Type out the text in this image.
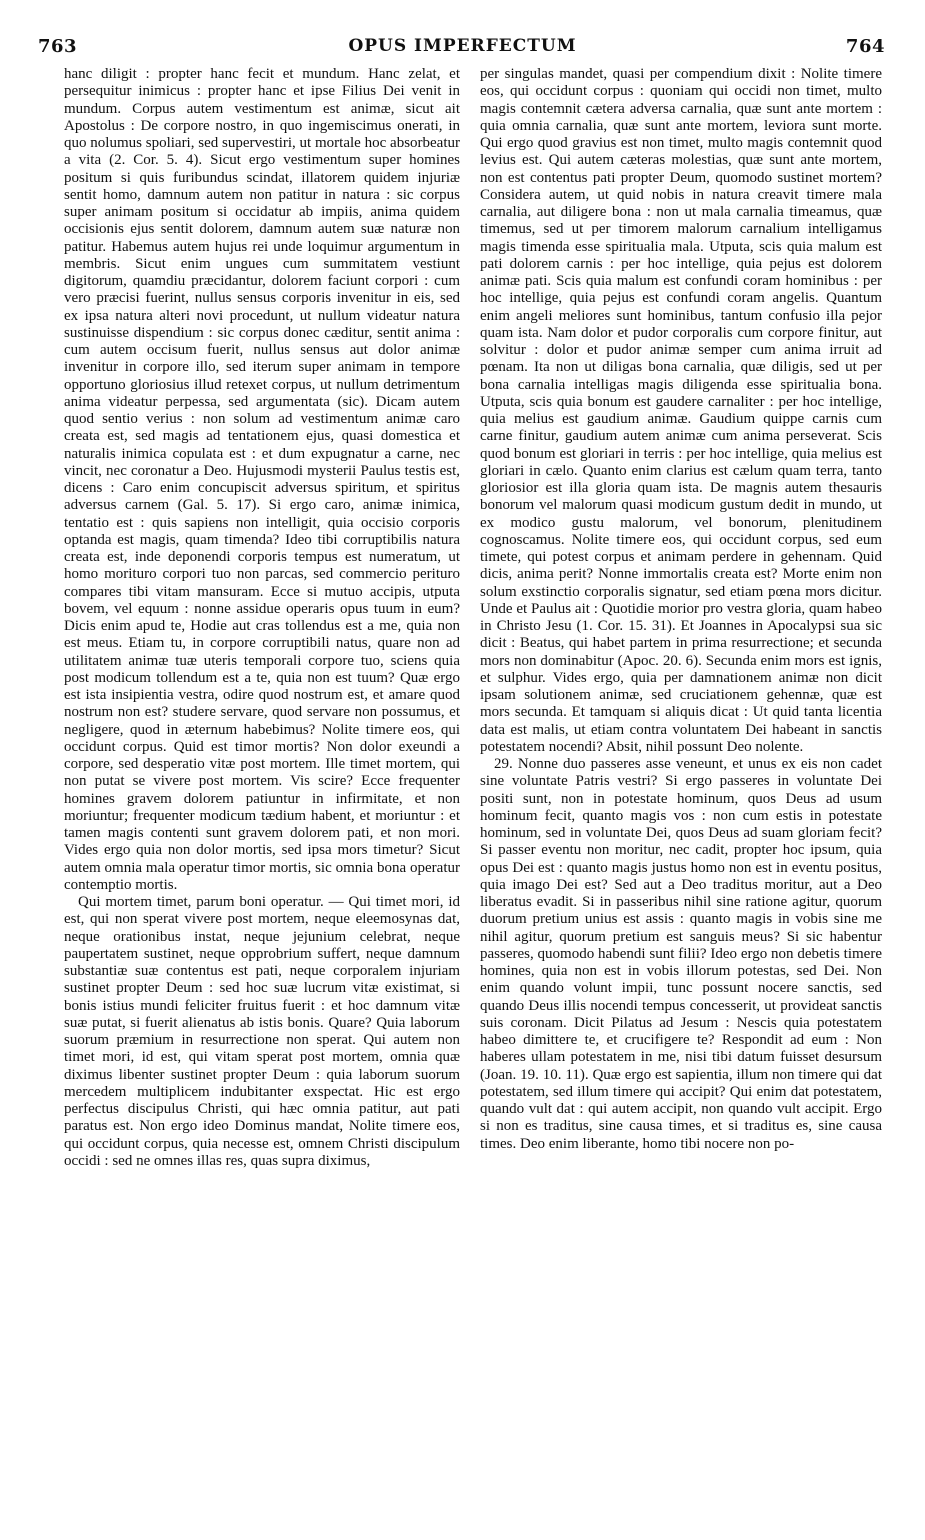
763	OPUS IMPERFECTUM	764

hanc diligit : propter hanc fecit et mundum. Hanc zelat, et persequitur inimicus : propter hanc et ipse Filius Dei venit in mundum. Corpus autem vestimentum est animæ, sicut ait Apostolus : De corpore nostro, in quo ingemiscimus onerati, in quo nolumus spoliari, sed supervestiri, ut mortale hoc absorbeatur a vita (2. Cor. 5. 4). Sicut ergo vestimentum super homines positum si quis furibundus scindat, illatorem quidem injuriæ sentit homo, damnum autem non patitur in natura : sic corpus super animam positum si occidatur ab impiis, anima quidem occisionis ejus sentit dolorem, damnum autem suæ naturæ non patitur. Habemus autem hujus rei unde loquimur argumentum in membris. Sicut enim ungues cum summitatem vestiunt digitorum, quamdiu præcidantur, dolorem faciunt corpori : cum vero præcisi fuerint, nullus sensus corporis invenitur in eis, sed ex ipsa natura alteri novi procedunt, ut nullum videatur natura sustinuisse dispendium : sic corpus donec cæditur, sentit anima : cum autem occisum fuerit, nullus sensus aut dolor animæ invenitur in corpore illo, sed iterum super animam in tempore opportuno gloriosius illud retexet corpus, ut nullum detrimentum anima videatur perpessa, sed argumentata (sic). Dicam autem quod sentio verius : non solum ad vestimentum animæ caro creata est, sed magis ad tentationem ejus, quasi domestica et naturalis inimica copulata est : et dum expugnatur a carne, nec vincit, nec coronatur a Deo. Hujusmodi mysterii Paulus testis est, dicens : Caro enim concupiscit adversus spiritum, et spiritus adversus carnem (Gal. 5. 17). Si ergo caro, animæ inimica, tentatio est : quis sapiens non intelligit, quia occisio corporis optanda est magis, quam timenda? Ideo tibi corruptibilis natura creata est, inde deponendi corporis tempus est numeratum, ut homo moriturо corpori tuo non parcas, sed commercio perituro compares tibi vitam mansuram. Ecce si mutuo accipis, utputa bovem, vel equum : nonne assidue operaris opus tuum in eum? Dicis enim apud te, Hodie aut cras tollendus est a me, quia non est meus. Etiam tu, in corpore corruptibili natus, quare non ad utilitatem animæ tuæ uteris temporali corpore tuo, sciens quia post modicum tollendum est a te, quia non est tuum? Quæ ergo est ista insipientia vestra, odire quod nostrum est, et amare quod nostrum non est? studere servare, quod servare non possumus, et negligere, quod in æternum habebimus? Nolite timere eos, qui occidunt corpus. Quid est timor mortis? Non dolor exeundi a corpore, sed desperatio vitæ post mortem. Ille timet mortem, qui non putat se vivere post mortem. Vis scire? Ecce frequenter homines gravem dolorem patiuntur in infirmitate, et non moriuntur; frequenter modicum tædium habent, et moriuntur : et tamen magis contenti sunt gravem dolorem pati, et non mori. Vides ergo quia non dolor mortis, sed ipsa mors timetur? Sicut autem omnia mala operatur timor mortis, sic omnia bona operatur contemptio mortis.

Qui mortem timet, parum boni operatur. — Qui timet mori, id est, qui non sperat vivere post mortem, neque eleemosynas dat, neque orationibus instat, neque jejunium celebrat, neque paupertatem sustinet, neque opprobrium suffert, neque damnum substantiæ suæ contentus est pati, neque corporalem injuriam sustinet propter Deum : sed hoc suæ lucrum vitæ existimat, si bonis istius mundi feliciter fruitus fuerit : et hoc damnum vitæ suæ putat, si fuerit alienatus ab istis bonis. Quare? Quia laborum suorum præmium in resurrectione non sperat. Qui autem non timet mori, id est, qui vitam sperat post mortem, omnia quæ diximus libenter sustinet propter Deum : quia laborum suorum mercedem multiplicem indubitanter exspectat. Hic est ergo perfectus discipulus Christi, qui hæc omnia patitur, aut pati paratus est. Non ergo ideo Dominus mandat, Nolite timere eos, qui occidunt corpus, quia necesse est, omnem Christi discipulum occidi : sed ne omnes illas res, quas supra diximus,

per singulas mandet, quasi per compendium dixit : Nolite timere eos, qui occidunt corpus : quoniam qui occidi non timet, multo magis contemnit cætera adversa carnalia, quæ sunt ante mortem : quia omnia carnalia, quæ sunt ante mortem, leviora sunt morte. Qui ergo quod gravius est non timet, multo magis contemnit quod levius est. Qui autem cæteras molestias, quæ sunt ante mortem, non est contentus pati propter Deum, quomodo sustinet mortem? Considera autem, ut quid nobis in natura creavit timere mala carnalia, aut diligere bona : non ut mala carnalia timeamus, quæ timemus, sed ut per timorem malorum carnalium intelligamus magis timenda esse spiritualia mala. Utputa, scis quia malum est pati dolorem carnis : per hoc intellige, quia pejus est dolorem animæ pati. Scis quia malum est confundi coram hominibus : per hoc intellige, quia pejus est confundi coram angelis. Quantum enim angeli meliores sunt hominibus, tantum confusio illa pejor quam ista. Nam dolor et pudor corporalis cum corpore finitur, aut solvitur : dolor et pudor animæ semper cum anima irruit ad pœnam. Ita non ut diligas bona carnalia, quæ diligis, sed ut per bona carnalia intelligas magis diligenda esse spiritualia bona. Utputa, scis quia bonum est gaudere carnaliter : per hoc intellige, quia melius est gaudium animæ. Gaudium quippe carnis cum carne finitur, gaudium autem animæ cum anima perseverat. Scis quod bonum est gloriari in terris : per hoc intellige, quia melius est gloriari in cælo. Quanto enim clarius est cælum quam terra, tanto gloriosior est illa gloria quam ista. De magnis autem thesauris bonorum vel malorum quasi modicum gustum dedit in mundo, ut ex modico gustu malorum, vel bonorum, plenitudinem cognoscamus. Nolite timere eos, qui occidunt corpus, sed eum timete, qui potest corpus et animam perdere in gehennam. Quid dicis, anima perit? Nonne immortalis creata est? Morte enim non solum exstinctio corporalis signatur, sed etiam pœna mors dicitur. Unde et Paulus ait : Quotidie morior pro vestra gloria, quam habeo in Christo Jesu (1. Cor. 15. 31). Et Joannes in Apocalypsi sua sic dicit : Beatus, qui habet partem in prima resurrectione; et secunda mors non dominabitur (Apoc. 20. 6). Secunda enim mors est ignis, et sulphur. Vides ergo, quia per damnationem animæ non dicit ipsam solutionem animæ, sed cruciationem gehennæ, quæ est mors secunda. Et tamquam si aliquis dicat : Ut quid tanta licentia data est malis, ut etiam contra voluntatem Dei habeant in sanctis potestatem nocendi? Absit, nihil possunt Deo nolente.

29. Nonne duo passeres asse veneunt, et unus ex eis non cadet sine voluntate Patris vestri? Si ergo passeres in voluntate Dei positi sunt, non in potestate hominum, quos Deus ad usum hominum fecit, quanto magis vos : non cum estis in potestate hominum, sed in voluntate Dei, quos Deus ad suam gloriam fecit? Si passer eventu non moritur, nec cadit, propter hoc ipsum, quia opus Dei est : quanto magis justus homo non est in eventu positus, quia imago Dei est? Sed aut a Deo traditus moritur, aut a Deo liberatus evadit. Si in passeribus nihil sine ratione agitur, quorum duorum pretium unius est assis : quanto magis in vobis sine me nihil agitur, quorum pretium est sanguis meus? Si sic habentur passeres, quomodo habendi sunt filii? Ideo ergo non debetis timere homines, quia non est in vobis illorum potestas, sed Dei. Non enim quando volunt impii, tunc possunt nocere sanctis, sed quando Deus illis nocendi tempus concesserit, ut provideat sanctis suis coronam. Dicit Pilatus ad Jesum : Nescis quia potestatem habeo dimittere te, et crucifigere te? Respondit ad eum : Non haberes ullam potestatem in me, nisi tibi datum fuisset desursum (Joan. 19. 10. 11). Quæ ergo est sapientia, illum non timere qui dat potestatem, sed illum timere qui accipit? Qui enim dat potestatem, quando vult dat : qui autem accipit, non quando vult accipit. Ergo si non es traditus, sine causa times, et si traditus es, sine causa times. Deo enim liberante, homo tibi nocere non po-
